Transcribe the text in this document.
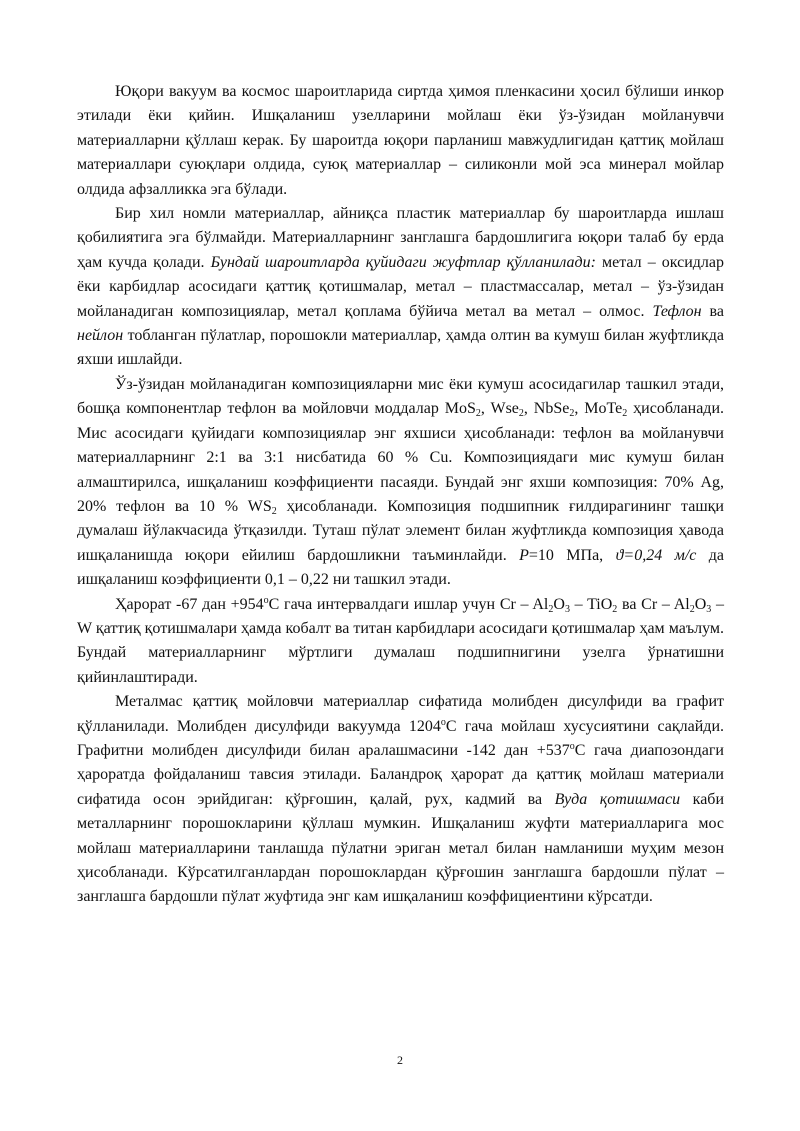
Юқори вакуум ва космос шароитларида сиртда ҳимоя пленкасини ҳосил бўлиши инкор этилади ёки қийин. Ишқаланиш узелларини мойлаш ёки ўз-ўзидан мойланувчи материалларни қўллаш керак. Бу шароитда юқори парланиш мавжудлигидан қаттиқ мойлаш материаллари суюқлари олдида, суюқ материаллар – силиконли мой эса минерал мойлар олдида афзалликка эга бўлади.

Бир хил номли материаллар, айниқса пластик материаллар бу шароитларда ишлаш қобилиятига эга бўлмайди. Материалларнинг занглашга бардошлигига юқори талаб бу ерда ҳам кучда қолади. Бундай шароитларда қуйидаги жуфтлар қўлланилади: метал – оксидлар ёки карбидлар асосидаги қаттиқ қотишмалар, метал – пластмассалар, метал – ўз-ўзидан мойланадиган композициялар, метал қоплама бўйича метал ва метал – олмос. Тефлон ва нейлон тобланган пўлатлар, порошокли материаллар, ҳамда олтин ва кумуш билан жуфтликда яхши ишлайди.

Ўз-ўзидан мойланадиган композицияларни мис ёки кумуш асосидагилар ташкил этади, бошқа компонентлар тефлон ва мойловчи моддалар MoS$_2$, Wse$_2$, NbSe$_2$, MoTe$_2$ ҳисобланади. Мис асосидаги қуйидаги композициялар энг яхшиси ҳисобланади: тефлон ва мойланувчи материалларнинг 2:1 ва 3:1 нисбатида 60 % Cu. Композициядаги мис кумуш билан алмаштирилса, ишқаланиш коэффициенти пасаяди. Бундай энг яхши композиция: 70% Ag, 20% тефлон ва 10 % $WS_2$ ҳисобланади. Композиция подшипник ғилдирагининг ташқи думалаш йўлакчасида ўтқазилди. Туташ пўлат элемент билан жуфтликда композиция ҳавода ишқаланишда юқори ейилиш бардошликни таъминлайди. P=10 МПа, ϑ=0,24 м/с да ишқаланиш коэффициенти 0,1 – 0,22 ни ташкил этади.

Ҳарорат -67 дан $+954^оС$ гача интервалдаги ишлар учун Cr – $Al_2O_3 - TiO_2$ ва Cr – $Al_2O_3$ –W қаттиқ қотишмалари ҳамда кобалт ва титан карбидлари асосидаги қотишмалар ҳам маълум. Бундай материалларнинг мўртлиги думалаш подшипнигини узелга ўрнатишни қийинлаштиради.

Металмас қаттиқ мойловчи материаллар сифатида молибден дисулфиди ва графит қўлланилади. Молибден дисулфиди вакуумда $1204^оС$ гача мойлаш хусусиятини сақлайди. Графитни молибден дисулфиди билан аралашмасини -142 дан $+537^оС$ гача диапозондаги ҳароратда фойдаланиш тавсия этилади. Баландроқ ҳарорат да қаттиқ мойлаш материали сифатида осон эрийдиган: қўрғошин, қалай, рух, кадмий ва Вуда қотишмаси каби металларнинг порошокларини қўллаш мумкин. Ишқаланиш жуфти материалларига мос мойлаш материалларини танлашда пўлатни эриган метал билан намланиши муҳим мезон ҳисобланади. Кўрсатилганлардан порошоклардан қўрғошин занглашга бардошли пўлат – занглашга бардошли пўлат жуфтида энг кам ишқаланиш коэффициентини кўрсатди.

2
